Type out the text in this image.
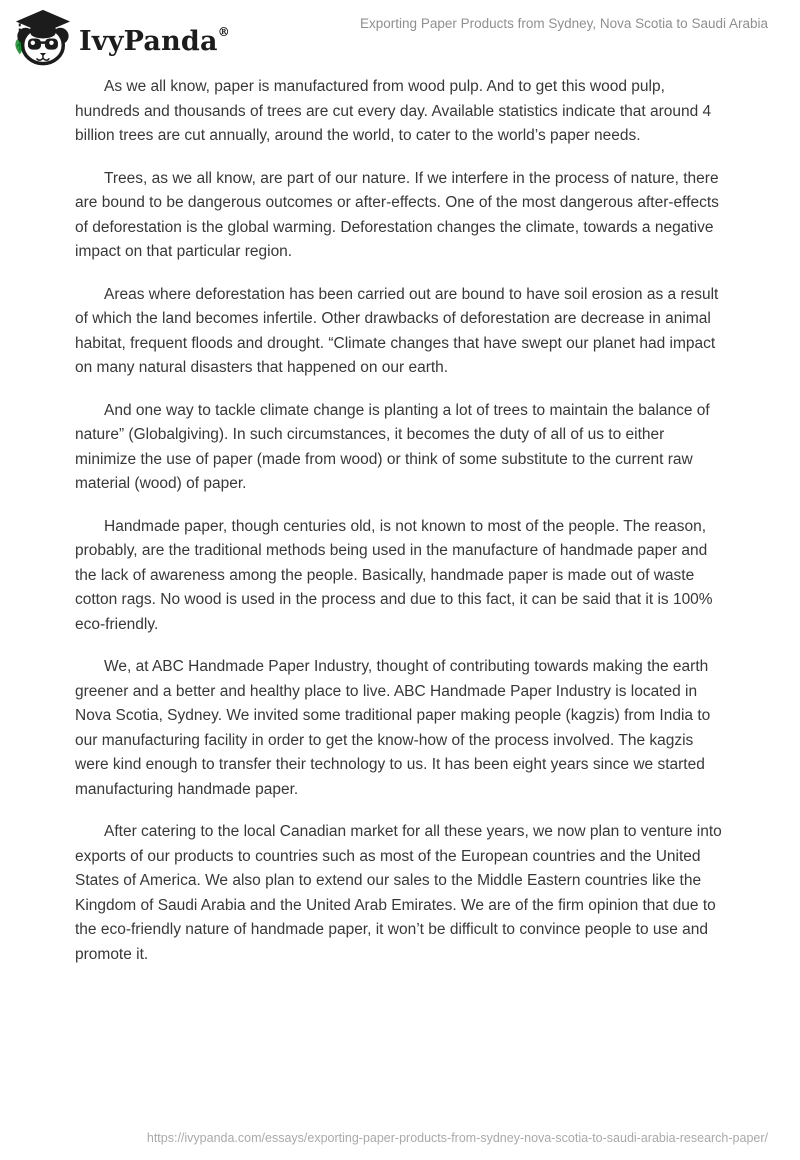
IvyPanda®
Exporting Paper Products from Sydney, Nova Scotia to Saudi Arabia

As we all know, paper is manufactured from wood pulp. And to get this wood pulp, hundreds and thousands of trees are cut every day. Available statistics indicate that around 4 billion trees are cut annually, around the world, to cater to the world’s paper needs.

Trees, as we all know, are part of our nature. If we interfere in the process of nature, there are bound to be dangerous outcomes or after-effects. One of the most dangerous after-effects of deforestation is the global warming. Deforestation changes the climate, towards a negative impact on that particular region.

Areas where deforestation has been carried out are bound to have soil erosion as a result of which the land becomes infertile. Other drawbacks of deforestation are decrease in animal habitat, frequent floods and drought. “Climate changes that have swept our planet had impact on many natural disasters that happened on our earth.

And one way to tackle climate change is planting a lot of trees to maintain the balance of nature” (Globalgiving). In such circumstances, it becomes the duty of all of us to either minimize the use of paper (made from wood) or think of some substitute to the current raw material (wood) of paper.

Handmade paper, though centuries old, is not known to most of the people. The reason, probably, are the traditional methods being used in the manufacture of handmade paper and the lack of awareness among the people. Basically, handmade paper is made out of waste cotton rags. No wood is used in the process and due to this fact, it can be said that it is 100% eco-friendly.

We, at ABC Handmade Paper Industry, thought of contributing towards making the earth greener and a better and healthy place to live. ABC Handmade Paper Industry is located in Nova Scotia, Sydney. We invited some traditional paper making people (kagzis) from India to our manufacturing facility in order to get the know-how of the process involved. The kagzis were kind enough to transfer their technology to us. It has been eight years since we started manufacturing handmade paper.

After catering to the local Canadian market for all these years, we now plan to venture into exports of our products to countries such as most of the European countries and the United States of America. We also plan to extend our sales to the Middle Eastern countries like the Kingdom of Saudi Arabia and the United Arab Emirates. We are of the firm opinion that due to the eco-friendly nature of handmade paper, it won’t be difficult to convince people to use and promote it.

https://ivypanda.com/essays/exporting-paper-products-from-sydney-nova-scotia-to-saudi-arabia-research-paper/
